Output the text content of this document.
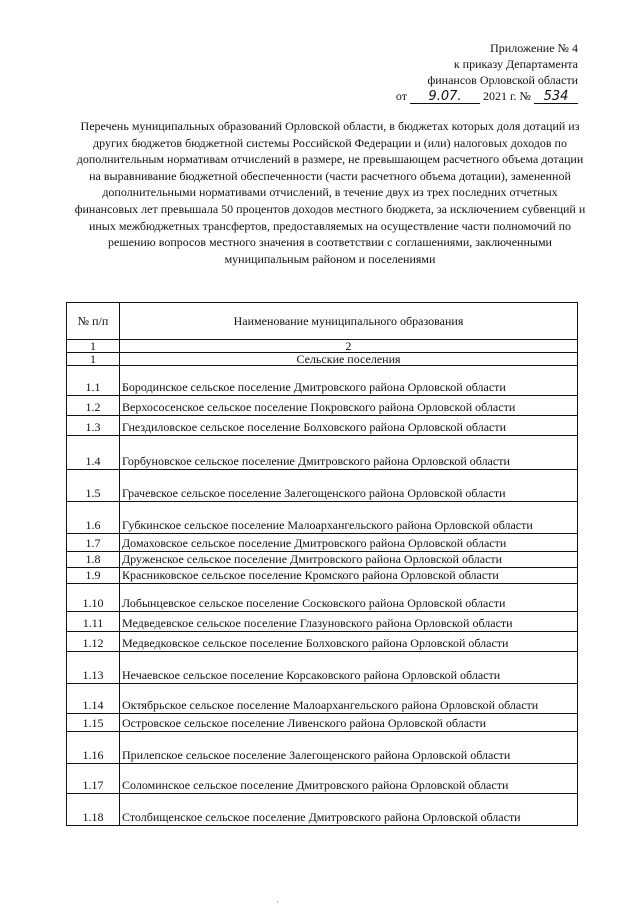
Приложение № 4
к приказу Департамента
финансов Орловской области
от 9.07. 2021 г. № 534
Перечень муниципальных образований Орловской области, в бюджетах которых доля дотаций из других бюджетов бюджетной системы Российской Федерации и (или) налоговых доходов по дополнительным нормативам отчислений в размере, не превышающем расчетного объема дотации на выравнивание бюджетной обеспеченности (части расчетного объема дотации), замененной дополнительными нормативами отчислений, в течение двух из трех последних отчетных финансовых лет превышала 50 процентов доходов местного бюджета, за исключением субвенций и иных межбюджетных трансфертов, предоставляемых на осуществление части полномочий по решению вопросов местного значения в соответствии с соглашениями, заключенными муниципальным районом и поселениями
№ п/п	Наименование муниципального образования
1	2
1	Сельские поселения
1.1	Бородинское сельское поселение Дмитровского района Орловской области
1.2	Верхососенское сельское поселение Покровского района Орловской области
1.3	Гнездиловское сельское поселение Болховского района Орловской области
1.4	Горбуновское сельское поселение Дмитровского района Орловской области
1.5	Грачевское сельское поселение Залегощенского района Орловской области
1.6	Губкинское сельское поселение Малоархангельского района Орловской области
1.7	Домаховское сельское поселение Дмитровского района Орловской области
1.8	Друженское сельское поселение Дмитровского района Орловской области
1.9	Красниковское сельское поселение Кромского района Орловской области
1.10	Лобынцевское сельское поселение Сосковского района Орловской области
1.11	Медведевское сельское поселение Глазуновского района Орловской области
1.12	Медведковское сельское поселение Болховского района Орловской области
1.13	Нечаевское сельское поселение Корсаковского района Орловской области
1.14	Октябрьское сельское поселение Малоархангельского района Орловской области
1.15	Островское сельское поселение Ливенского района Орловской области
1.16	Прилепское сельское поселение Залегощенского района Орловской области
1.17	Соломинское сельское поселение Дмитровского района Орловской области
1.18	Столбищенское сельское поселение Дмитровского района Орловской области
·
